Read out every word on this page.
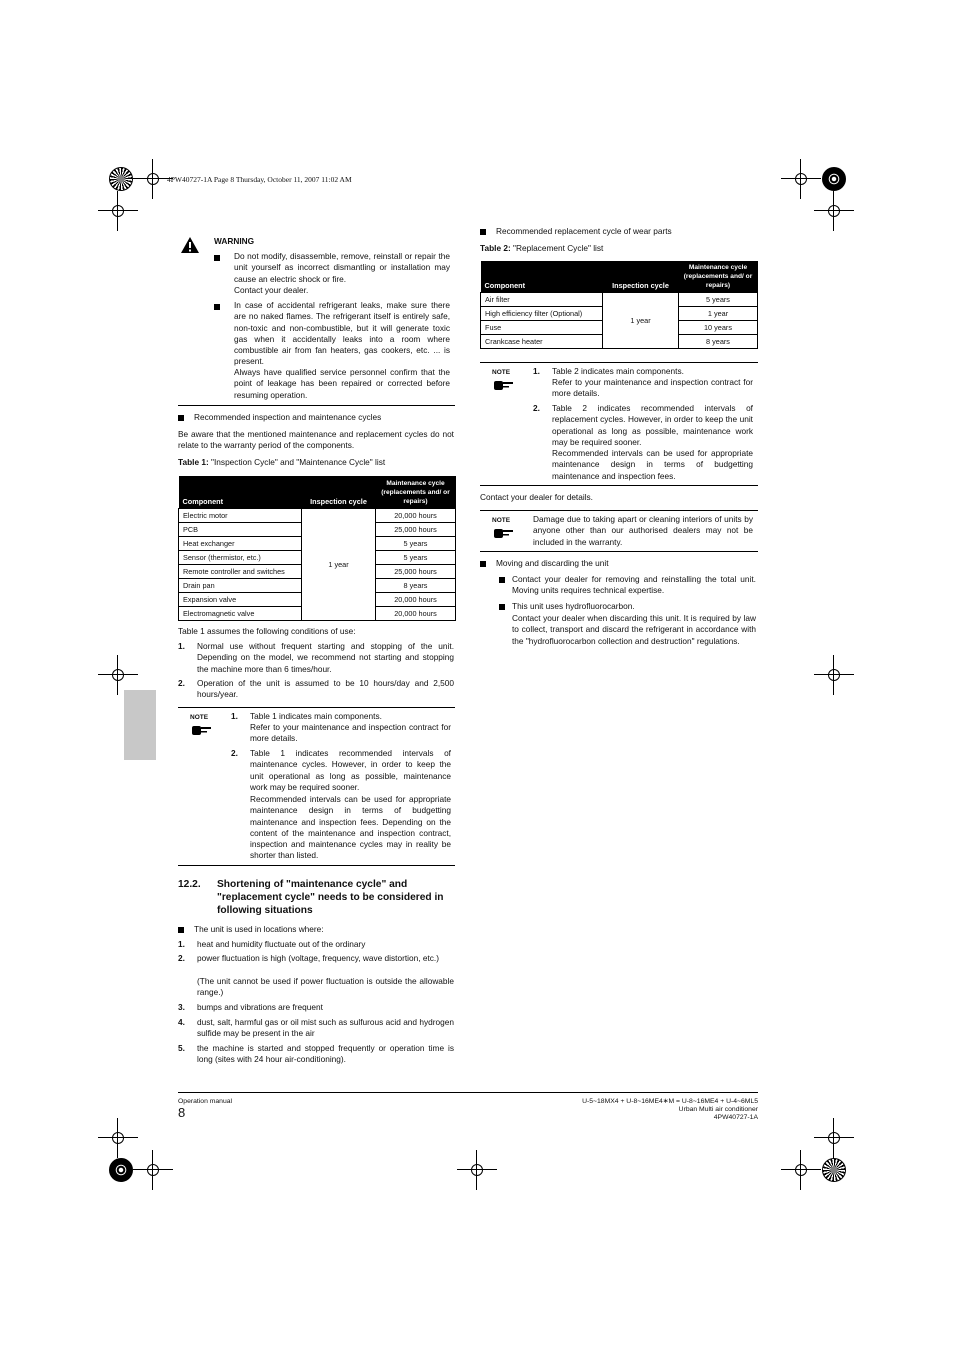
4PW40727-1A Page 8 Thursday, October 11, 2007 11:02 AM
WARNING
Do not modify, disassemble, remove, reinstall or repair the unit yourself as incorrect dismantling or installation may cause an electric shock or fire.
Contact your dealer.
In case of accidental refrigerant leaks, make sure there are no naked flames. The refrigerant itself is entirely safe, non-toxic and non-combustible, but it will generate toxic gas when it accidentally leaks into a room where combustible air from fan heaters, gas cookers, etc. ... is present.
Always have qualified service personnel confirm that the point of leakage has been repaired or corrected before resuming operation.
Recommended inspection and maintenance cycles
Be aware that the mentioned maintenance and replacement cycles do not relate to the warranty period of the components.
Table 1: "Inspection Cycle" and "Maintenance Cycle" list
Component	Inspection cycle	Maintenance cycle (replacements and/ or repairs)
Electric motor	1 year	20,000 hours
PCB		25,000 hours
Heat exchanger		5 years
Sensor (thermistor, etc.)		5 years
Remote controller and switches		25,000 hours
Drain pan		8 years
Expansion valve		20,000 hours
Electromagnetic valve		20,000 hours
Table 1 assumes the following conditions of use:
1. Normal use without frequent starting and stopping of the unit. Depending on the model, we recommend not starting and stopping the machine more than 6 times/hour.
2. Operation of the unit is assumed to be 10 hours/day and 2,500 hours/year.
NOTE	1. Table 1 indicates main components.
Refer to your maintenance and inspection contract for more details.
2. Table 1 indicates recommended intervals of maintenance cycles. However, in order to keep the unit operational as long as possible, maintenance work may be required sooner.
Recommended intervals can be used for appropriate maintenance design in terms of budgetting maintenance and inspection fees. Depending on the content of the maintenance and inspection contract, inspection and maintenance cycles may in reality be shorter than listed.
12.2. Shortening of "maintenance cycle" and "replacement cycle" needs to be considered in following situations
The unit is used in locations where:
1. heat and humidity fluctuate out of the ordinary
2. power fluctuation is high (voltage, frequency, wave distortion, etc.)
(The unit cannot be used if power fluctuation is outside the allowable range.)
3. bumps and vibrations are frequent
4. dust, salt, harmful gas or oil mist such as sulfurous acid and hydrogen sulfide may be present in the air
5. the machine is started and stopped frequently or operation time is long (sites with 24 hour air-conditioning).
Recommended replacement cycle of wear parts
Table 2: "Replacement Cycle" list
Component	Inspection cycle	Maintenance cycle (replacements and/ or repairs)
Air filter	1 year	5 years
High efficiency filter (Optional)		1 year
Fuse		10 years
Crankcase heater		8 years
NOTE	1. Table 2 indicates main components.
Refer to your maintenance and inspection contract for more details.
2. Table 2 indicates recommended intervals of replacement cycles. However, in order to keep the unit operational as long as possible, maintenance work may be required sooner.
Recommended intervals can be used for appropriate maintenance design in terms of budgetting maintenance and inspection fees.
Contact your dealer for details.
NOTE	Damage due to taking apart or cleaning interiors of units by anyone other than our authorised dealers may not be included in the warranty.
Moving and discarding the unit
Contact your dealer for removing and reinstalling the total unit. Moving units requires technical expertise.
This unit uses hydrofluorocarbon.
Contact your dealer when discarding this unit. It is required by law to collect, transport and discard the refrigerant in accordance with the "hydrofluorocarbon collection and destruction" regulations.
Operation manual
8
U-5~18MX4 + U-8~16ME4∗M = U-8~16ME4 + U-4~6ML5
Urban Multi air conditioner
4PW40727-1A
